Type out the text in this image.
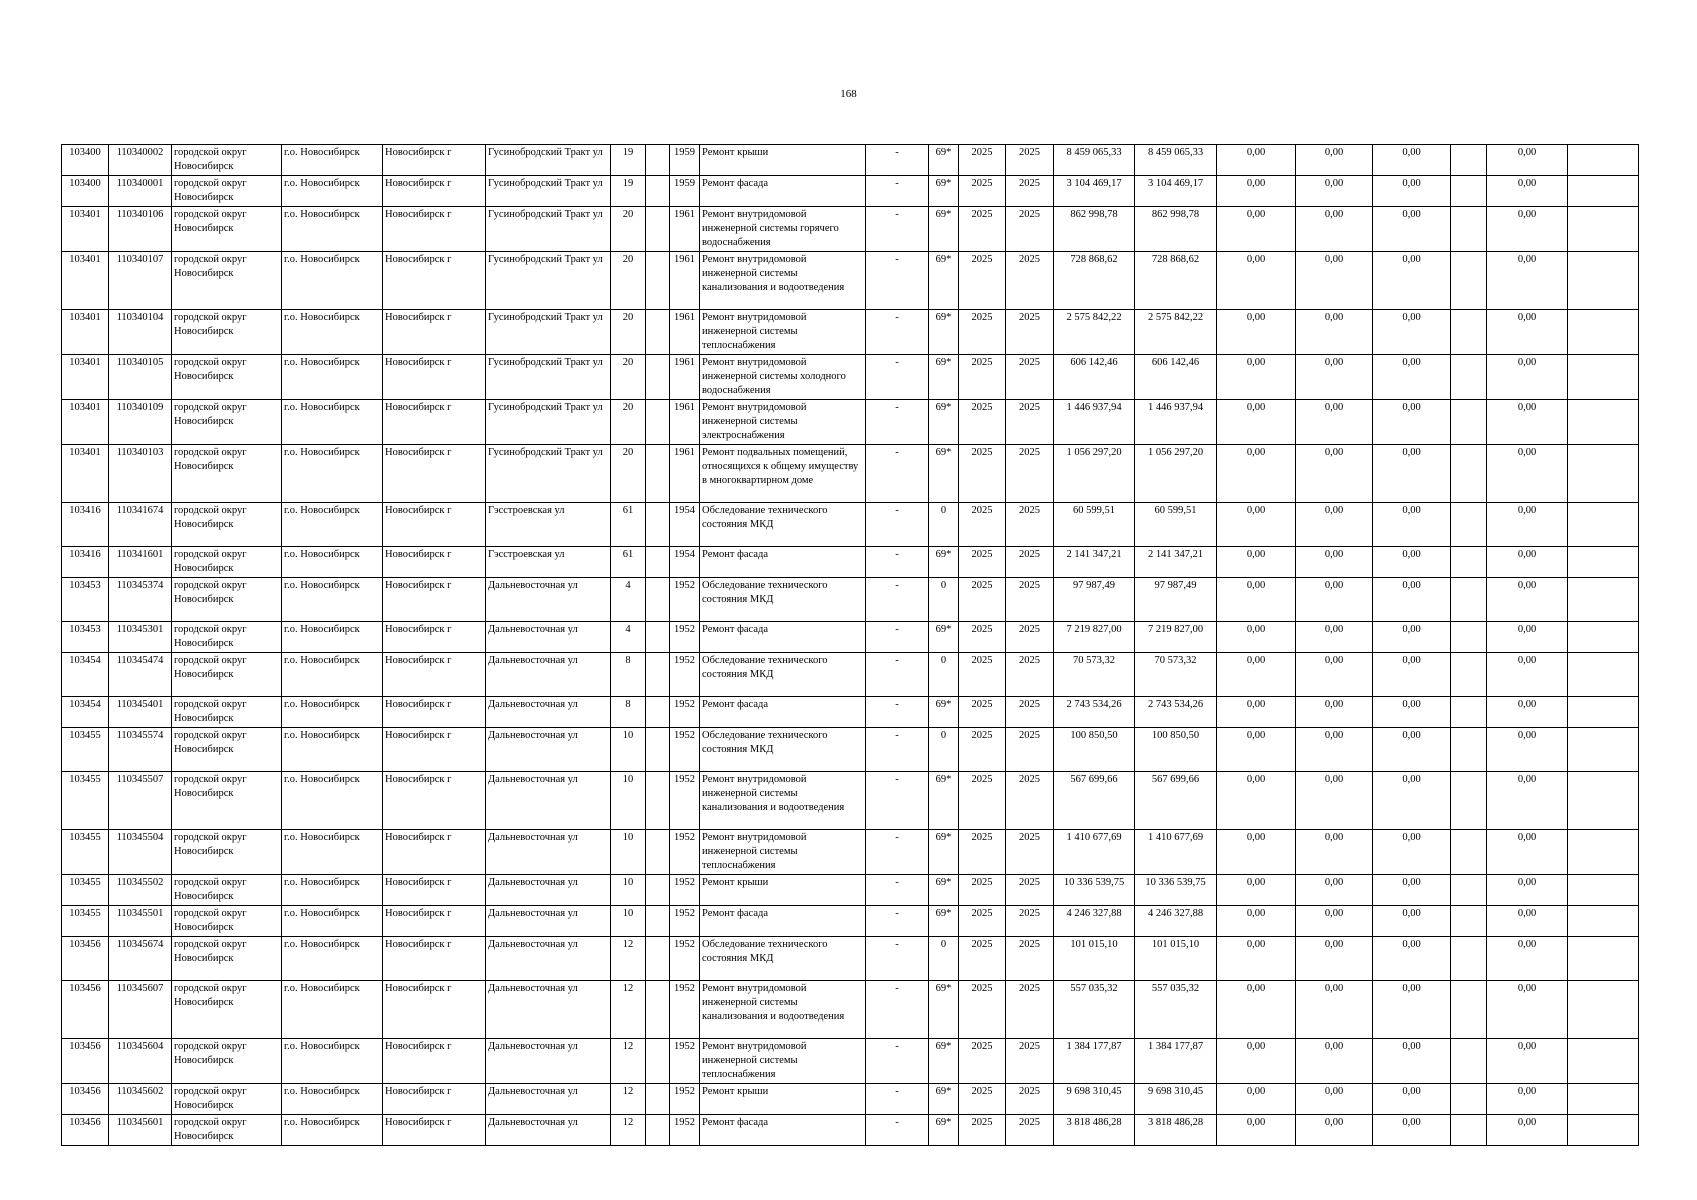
168
103400	110340002	городской округ Новосибирск	г.о. Новосибирск	Новосибирск г	Гусинобродский Тракт ул	19		1959	Ремонт крыши	-	69*	2025	2025	8 459 065,33	8 459 065,33	0,00	0,00	0,00		0,00	
103400	110340001	городской округ Новосибирск	г.о. Новосибирск	Новосибирск г	Гусинобродский Тракт ул	19		1959	Ремонт фасада	-	69*	2025	2025	3 104 469,17	3 104 469,17	0,00	0,00	0,00		0,00	
103401	110340106	городской округ Новосибирск	г.о. Новосибирск	Новосибирск г	Гусинобродский Тракт ул	20		1961	Ремонт внутридомовой инженерной системы горячего водоснабжения	-	69*	2025	2025	862 998,78	862 998,78	0,00	0,00	0,00		0,00	
103401	110340107	городской округ Новосибирск	г.о. Новосибирск	Новосибирск г	Гусинобродский Тракт ул	20		1961	Ремонт внутридомовой инженерной системы канализования и водоотведения	-	69*	2025	2025	728 868,62	728 868,62	0,00	0,00	0,00		0,00	
103401	110340104	городской округ Новосибирск	г.о. Новосибирск	Новосибирск г	Гусинобродский Тракт ул	20		1961	Ремонт внутридомовой инженерной системы теплоснабжения	-	69*	2025	2025	2 575 842,22	2 575 842,22	0,00	0,00	0,00		0,00	
103401	110340105	городской округ Новосибирск	г.о. Новосибирск	Новосибирск г	Гусинобродский Тракт ул	20		1961	Ремонт внутридомовой инженерной системы холодного водоснабжения	-	69*	2025	2025	606 142,46	606 142,46	0,00	0,00	0,00		0,00	
103401	110340109	городской округ Новосибирск	г.о. Новосибирск	Новосибирск г	Гусинобродский Тракт ул	20		1961	Ремонт внутридомовой инженерной системы электроснабжения	-	69*	2025	2025	1 446 937,94	1 446 937,94	0,00	0,00	0,00		0,00	
103401	110340103	городской округ Новосибирск	г.о. Новосибирск	Новосибирск г	Гусинобродский Тракт ул	20		1961	Ремонт подвальных помещений, относящихся к общему имуществу в многоквартирном доме	-	69*	2025	2025	1 056 297,20	1 056 297,20	0,00	0,00	0,00		0,00	
103416	110341674	городской округ Новосибирск	г.о. Новосибирск	Новосибирск г	Гэсстроевская ул	61		1954	Обследование технического состояния МКД	-	0	2025	2025	60 599,51	60 599,51	0,00	0,00	0,00		0,00	
103416	110341601	городской округ Новосибирск	г.о. Новосибирск	Новосибирск г	Гэсстроевская ул	61		1954	Ремонт фасада	-	69*	2025	2025	2 141 347,21	2 141 347,21	0,00	0,00	0,00		0,00	
103453	110345374	городской округ Новосибирск	г.о. Новосибирск	Новосибирск г	Дальневосточная ул	4		1952	Обследование технического состояния МКД	-	0	2025	2025	97 987,49	97 987,49	0,00	0,00	0,00		0,00	
103453	110345301	городской округ Новосибирск	г.о. Новосибирск	Новосибирск г	Дальневосточная ул	4		1952	Ремонт фасада	-	69*	2025	2025	7 219 827,00	7 219 827,00	0,00	0,00	0,00		0,00	
103454	110345474	городской округ Новосибирск	г.о. Новосибирск	Новосибирск г	Дальневосточная ул	8		1952	Обследование технического состояния МКД	-	0	2025	2025	70 573,32	70 573,32	0,00	0,00	0,00		0,00	
103454	110345401	городской округ Новосибирск	г.о. Новосибирск	Новосибирск г	Дальневосточная ул	8		1952	Ремонт фасада	-	69*	2025	2025	2 743 534,26	2 743 534,26	0,00	0,00	0,00		0,00	
103455	110345574	городской округ Новосибирск	г.о. Новосибирск	Новосибирск г	Дальневосточная ул	10		1952	Обследование технического состояния МКД	-	0	2025	2025	100 850,50	100 850,50	0,00	0,00	0,00		0,00	
103455	110345507	городской округ Новосибирск	г.о. Новосибирск	Новосибирск г	Дальневосточная ул	10		1952	Ремонт внутридомовой инженерной системы канализования и водоотведения	-	69*	2025	2025	567 699,66	567 699,66	0,00	0,00	0,00		0,00	
103455	110345504	городской округ Новосибирск	г.о. Новосибирск	Новосибирск г	Дальневосточная ул	10		1952	Ремонт внутридомовой инженерной системы теплоснабжения	-	69*	2025	2025	1 410 677,69	1 410 677,69	0,00	0,00	0,00		0,00	
103455	110345502	городской округ Новосибирск	г.о. Новосибирск	Новосибирск г	Дальневосточная ул	10		1952	Ремонт крыши	-	69*	2025	2025	10 336 539,75	10 336 539,75	0,00	0,00	0,00		0,00	
103455	110345501	городской округ Новосибирск	г.о. Новосибирск	Новосибирск г	Дальневосточная ул	10		1952	Ремонт фасада	-	69*	2025	2025	4 246 327,88	4 246 327,88	0,00	0,00	0,00		0,00	
103456	110345674	городской округ Новосибирск	г.о. Новосибирск	Новосибирск г	Дальневосточная ул	12		1952	Обследование технического состояния МКД	-	0	2025	2025	101 015,10	101 015,10	0,00	0,00	0,00		0,00	
103456	110345607	городской округ Новосибирск	г.о. Новосибирск	Новосибирск г	Дальневосточная ул	12		1952	Ремонт внутридомовой инженерной системы канализования и водоотведения	-	69*	2025	2025	557 035,32	557 035,32	0,00	0,00	0,00		0,00	
103456	110345604	городской округ Новосибирск	г.о. Новосибирск	Новосибирск г	Дальневосточная ул	12		1952	Ремонт внутридомовой инженерной системы теплоснабжения	-	69*	2025	2025	1 384 177,87	1 384 177,87	0,00	0,00	0,00		0,00	
103456	110345602	городской округ Новосибирск	г.о. Новосибирск	Новосибирск г	Дальневосточная ул	12		1952	Ремонт крыши	-	69*	2025	2025	9 698 310,45	9 698 310,45	0,00	0,00	0,00		0,00	
103456	110345601	городской округ Новосибирск	г.о. Новосибирск	Новосибирск г	Дальневосточная ул	12		1952	Ремонт фасада	-	69*	2025	2025	3 818 486,28	3 818 486,28	0,00	0,00	0,00		0,00	
